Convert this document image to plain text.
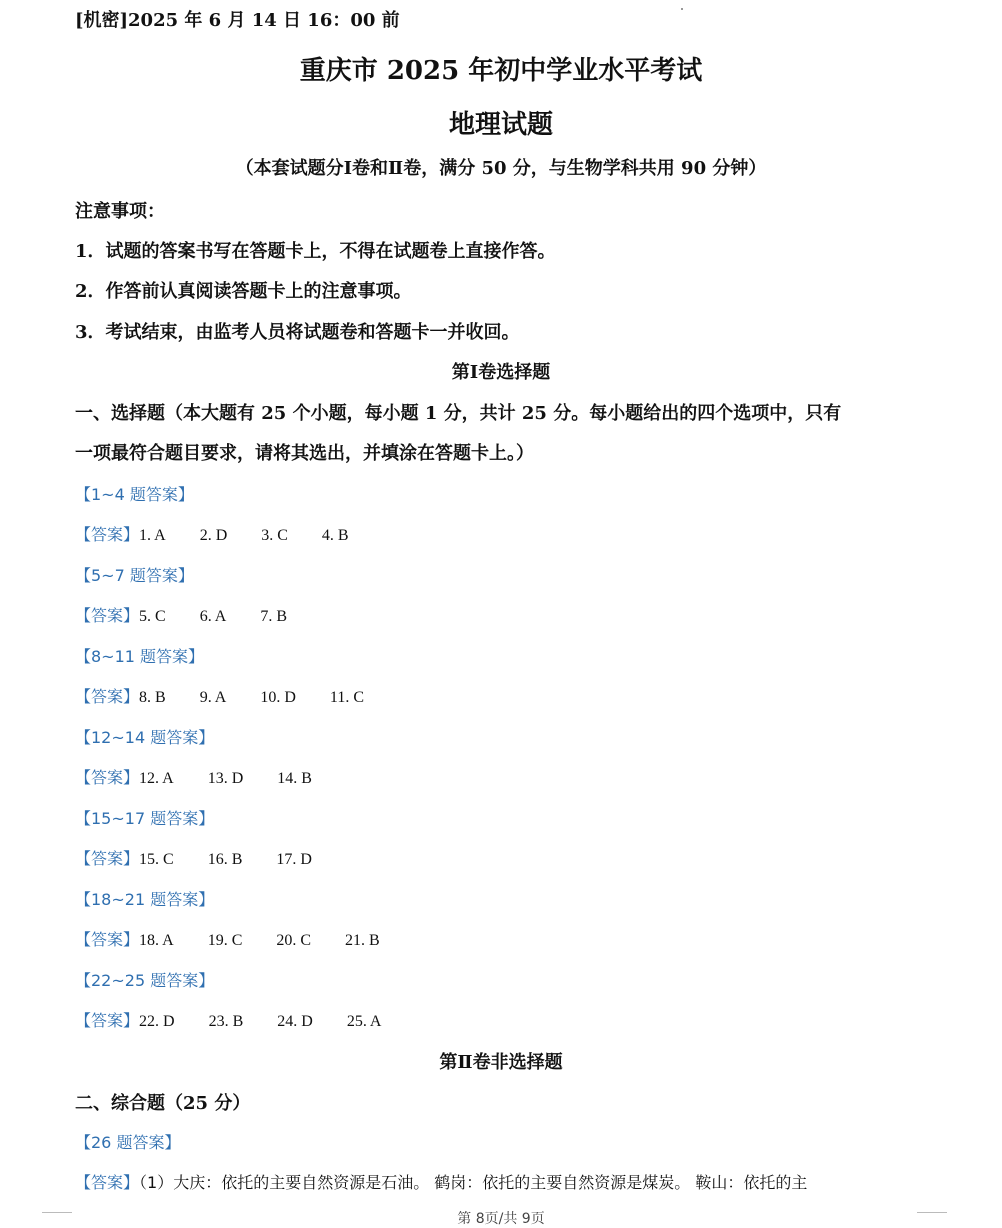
[机密]2025 年 6 月 14 日 16：00 前
重庆市 2025 年初中学业水平考试
地理试题
（本套试题分Ⅰ卷和Ⅱ卷，满分 50 分，与生物学科共用 90 分钟）
注意事项：
1．试题的答案书写在答题卡上，不得在试题卷上直接作答。
2．作答前认真阅读答题卡上的注意事项。
3．考试结束，由监考人员将试题卷和答题卡一并收回。
第Ⅰ卷选择题
一、选择题（本大题有 25 个小题，每小题 1 分，共计 25 分。每小题给出的四个选项中，只有
一项最符合题目要求，请将其选出，并填涂在答题卡上。）
【1~4 题答案】
【答案】1. A 2. D 3. C 4. B
【5~7 题答案】
【答案】5. C 6. A 7. B
【8~11 题答案】
【答案】8. B 9. A 10. D 11. C
【12~14 题答案】
【答案】12. A 13. D 14. B
【15~17 题答案】
【答案】15. C 16. B 17. D
【18~21 题答案】
【答案】18. A 19. C 20. C 21. B
【22~25 题答案】
【答案】22. D 23. B 24. D 25. A
第Ⅱ卷非选择题
二、综合题（25 分）
【26 题答案】
【答案】（1）大庆：依托的主要自然资源是石油。 鹤岗：依托的主要自然资源是煤炭。 鞍山：依托的主
第 8页/共 9页
